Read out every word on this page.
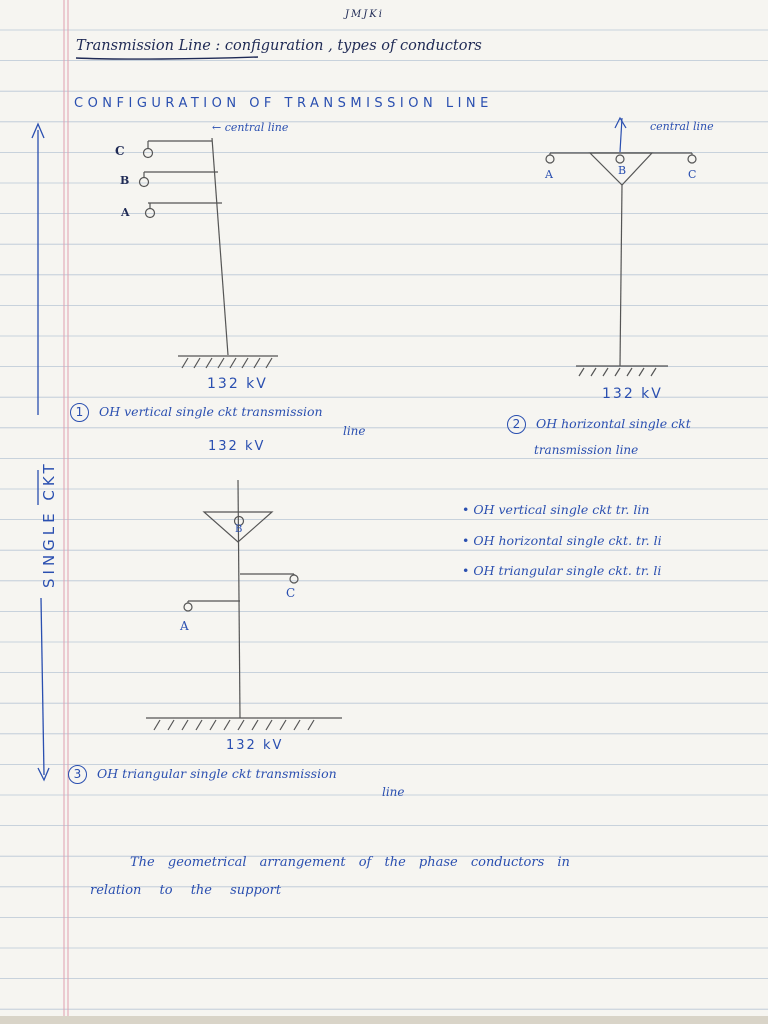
JMJKi
Transmission Line : configuration , types of conductors
CONFIGURATION OF TRANSMISSION LINE
SINGLE CKT
← central line
C
B
A
132 kV
1 OH vertical single ckt transmission
line
central line
A	B	C
132 kV
2 OH horizontal single ckt
transmission line
132 kV
B
C
A
132 kV
3 OH triangular single ckt transmission
line
• OH vertical single ckt tr. lin
• OH horizontal single ckt. tr. li
• OH triangular single ckt. tr. li
The geometrical arrangement of the phase conductors in
relation to the support
